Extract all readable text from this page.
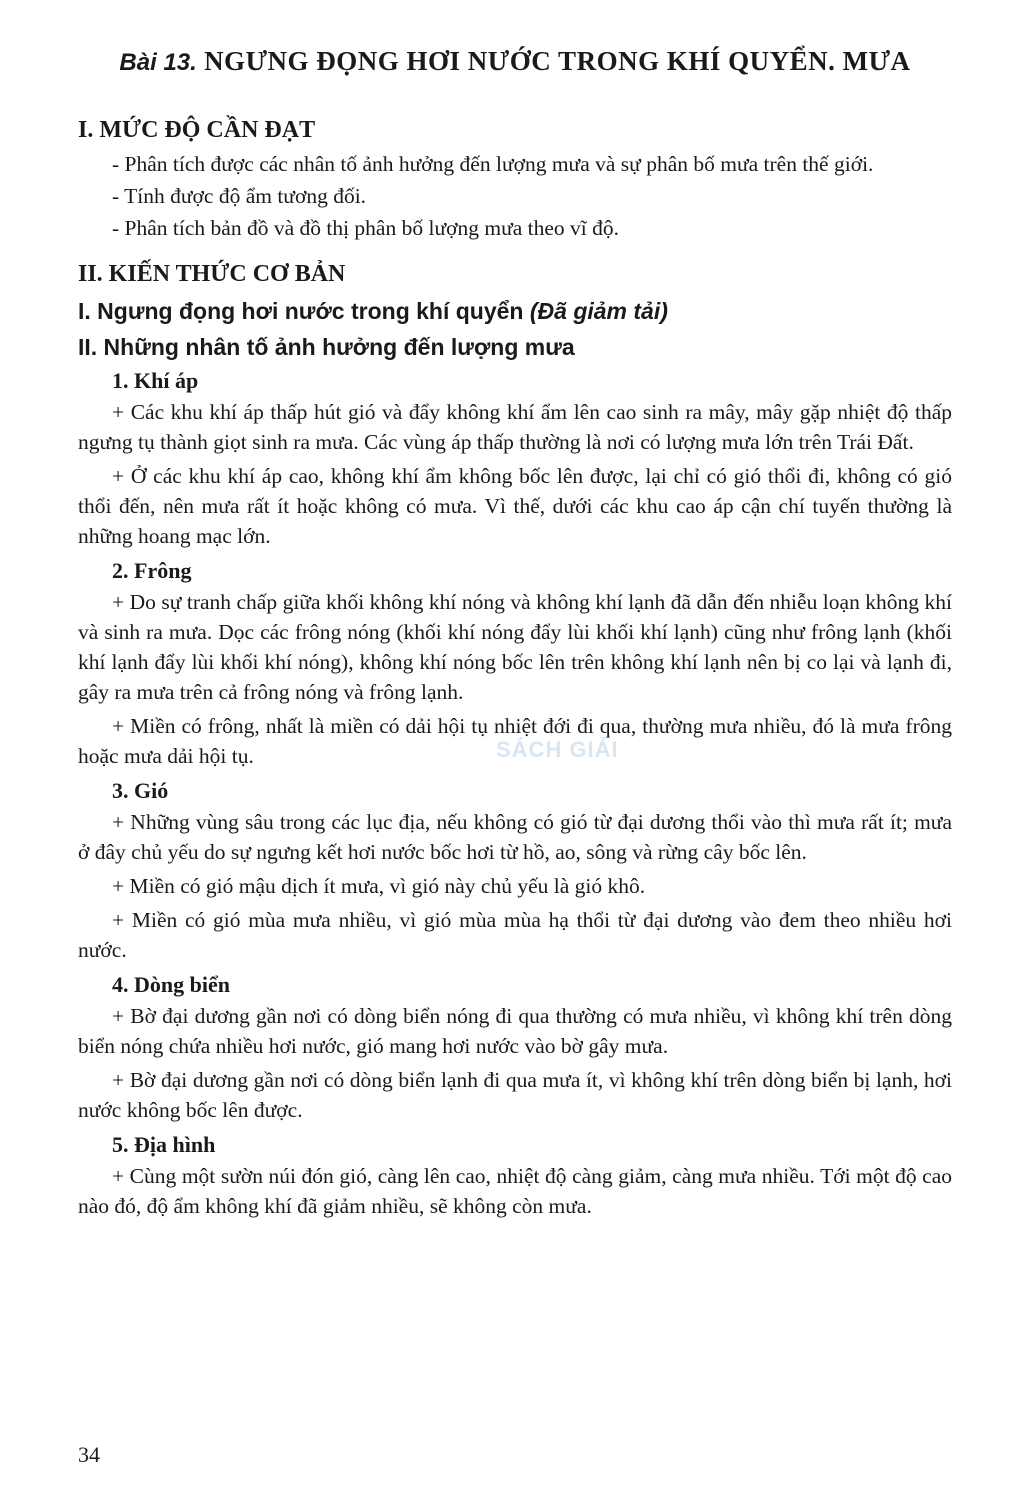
Bài 13. NGƯNG ĐỌNG HƠI NƯỚC TRONG KHÍ QUYỂN. MƯA
I. MỨC ĐỘ CẦN ĐẠT

- Phân tích được các nhân tố ảnh hưởng đến lượng mưa và sự phân bố mưa trên thế giới.

- Tính được độ ẩm tương đối.

- Phân tích bản đồ và đồ thị phân bố lượng mưa theo vĩ độ.

II. KIẾN THỨC CƠ BẢN
I. Ngưng đọng hơi nước trong khí quyển (Đã giảm tải)
II. Những nhân tố ảnh hưởng đến lượng mưa
1. Khí áp

+ Các khu khí áp thấp hút gió và đẩy không khí ẩm lên cao sinh ra mây, mây gặp nhiệt độ thấp ngưng tụ thành giọt sinh ra mưa. Các vùng áp thấp thường là nơi có lượng mưa lớn trên Trái Đất.

+ Ở các khu khí áp cao, không khí ẩm không bốc lên được, lại chỉ có gió thổi đi, không có gió thổi đến, nên mưa rất ít hoặc không có mưa. Vì thế, dưới các khu cao áp cận chí tuyến thường là những hoang mạc lớn.

2. Frông

+ Do sự tranh chấp giữa khối không khí nóng và không khí lạnh đã dẫn đến nhiễu loạn không khí và sinh ra mưa. Dọc các frông nóng (khối khí nóng đẩy lùi khối khí lạnh) cũng như frông lạnh (khối khí lạnh đẩy lùi khối khí nóng), không khí nóng bốc lên trên không khí lạnh nên bị co lại và lạnh đi, gây ra mưa trên cả frông nóng và frông lạnh.

+ Miền có frông, nhất là miền có dải hội tụ nhiệt đới đi qua, thường mưa nhiều, đó là mưa frông hoặc mưa dải hội tụ.

3. Gió

+ Những vùng sâu trong các lục địa, nếu không có gió từ đại dương thổi vào thì mưa rất ít; mưa ở đây chủ yếu do sự ngưng kết hơi nước bốc hơi từ hồ, ao, sông và rừng cây bốc lên.

+ Miền có gió mậu dịch ít mưa, vì gió này chủ yếu là gió khô.

+ Miền có gió mùa mưa nhiều, vì gió mùa mùa hạ thổi từ đại dương vào đem theo nhiều hơi nước.

4. Dòng biển

+ Bờ đại dương gần nơi có dòng biển nóng đi qua thường có mưa nhiều, vì không khí trên dòng biển nóng chứa nhiều hơi nước, gió mang hơi nước vào bờ gây mưa.

+ Bờ đại dương gần nơi có dòng biển lạnh đi qua mưa ít, vì không khí trên dòng biển bị lạnh, hơi nước không bốc lên được.

5. Địa hình

+ Cùng một sườn núi đón gió, càng lên cao, nhiệt độ càng giảm, càng mưa nhiều. Tới một độ cao nào đó, độ ẩm không khí đã giảm nhiều, sẽ không còn mưa.

SÁCH GIẢI
34
